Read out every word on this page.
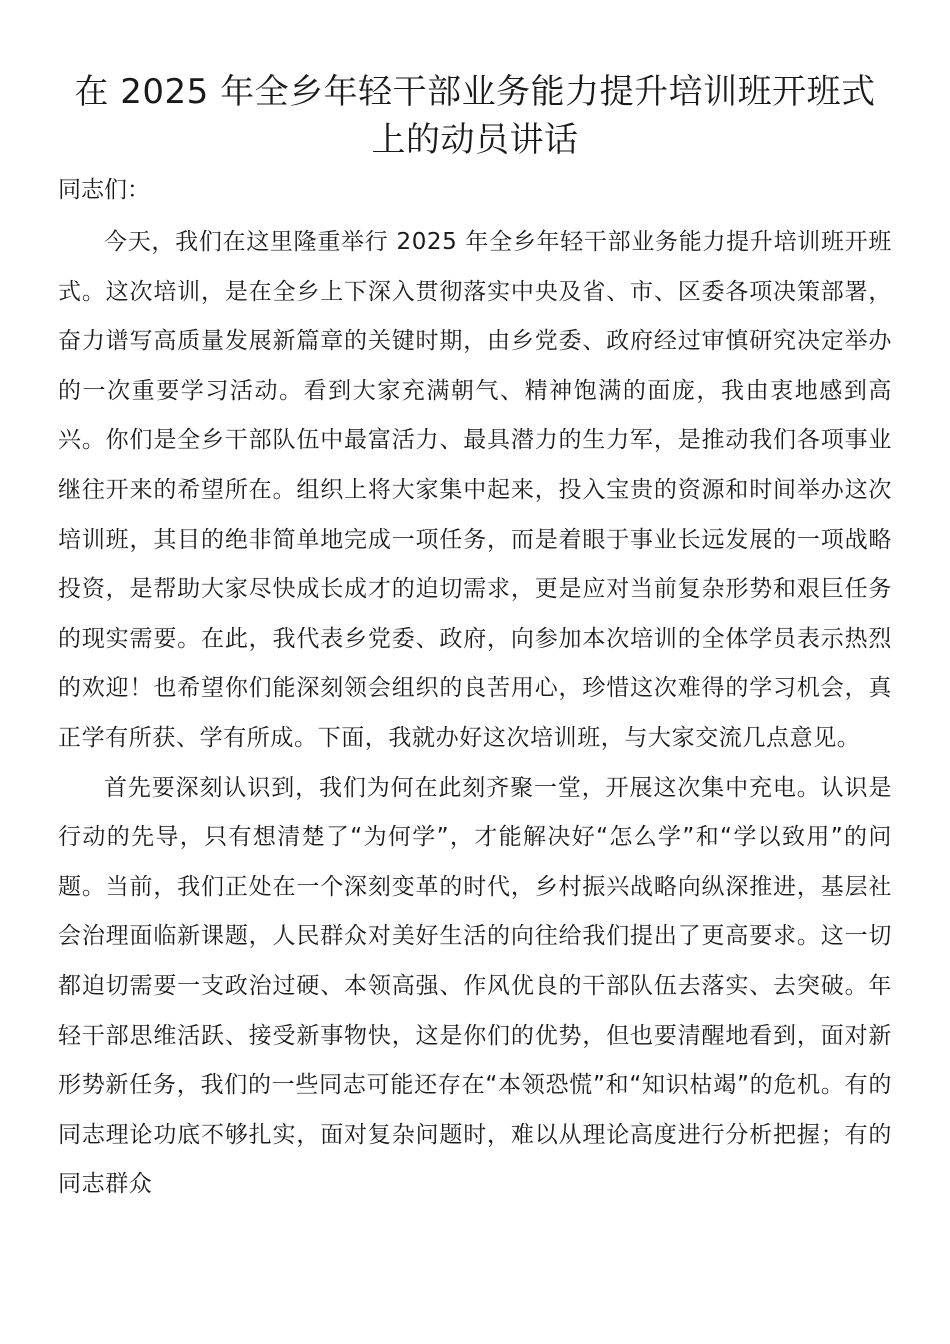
在 2025 年全乡年轻干部业务能力提升培训班开班式
上的动员讲话

同志们：

今天，我们在这里隆重举行 2025 年全乡年轻干部业务能力提升培训班开班式。这次培训，是在全乡上下深入贯彻落实中央及省、市、区委各项决策部署，奋力谱写高质量发展新篇章的关键时期，由乡党委、政府经过审慎研究决定举办的一次重要学习活动。看到大家充满朝气、精神饱满的面庞，我由衷地感到高兴。你们是全乡干部队伍中最富活力、最具潜力的生力军，是推动我们各项事业继往开来的希望所在。组织上将大家集中起来，投入宝贵的资源和时间举办这次培训班，其目的绝非简单地完成一项任务，而是着眼于事业长远发展的一项战略投资，是帮助大家尽快成长成才的迫切需求，更是应对当前复杂形势和艰巨任务的现实需要。在此，我代表乡党委、政府，向参加本次培训的全体学员表示热烈的欢迎！也希望你们能深刻领会组织的良苦用心，珍惜这次难得的学习机会，真正学有所获、学有所成。下面，我就办好这次培训班，与大家交流几点意见。

首先要深刻认识到，我们为何在此刻齐聚一堂，开展这次集中充电。认识是行动的先导，只有想清楚了“为何学”，才能解决好“怎么学”和“学以致用”的问题。当前，我们正处在一个深刻变革的时代，乡村振兴战略向纵深推进，基层社会治理面临新课题，人民群众对美好生活的向往给我们提出了更高要求。这一切都迫切需要一支政治过硬、本领高强、作风优良的干部队伍去落实、去突破。年轻干部思维活跃、接受新事物快，这是你们的优势，但也要清醒地看到，面对新形势新任务，我们的一些同志可能还存在“本领恐慌”和“知识枯竭”的危机。有的同志理论功底不够扎实，面对复杂问题时，难以从理论高度进行分析把握；有的同志群众
